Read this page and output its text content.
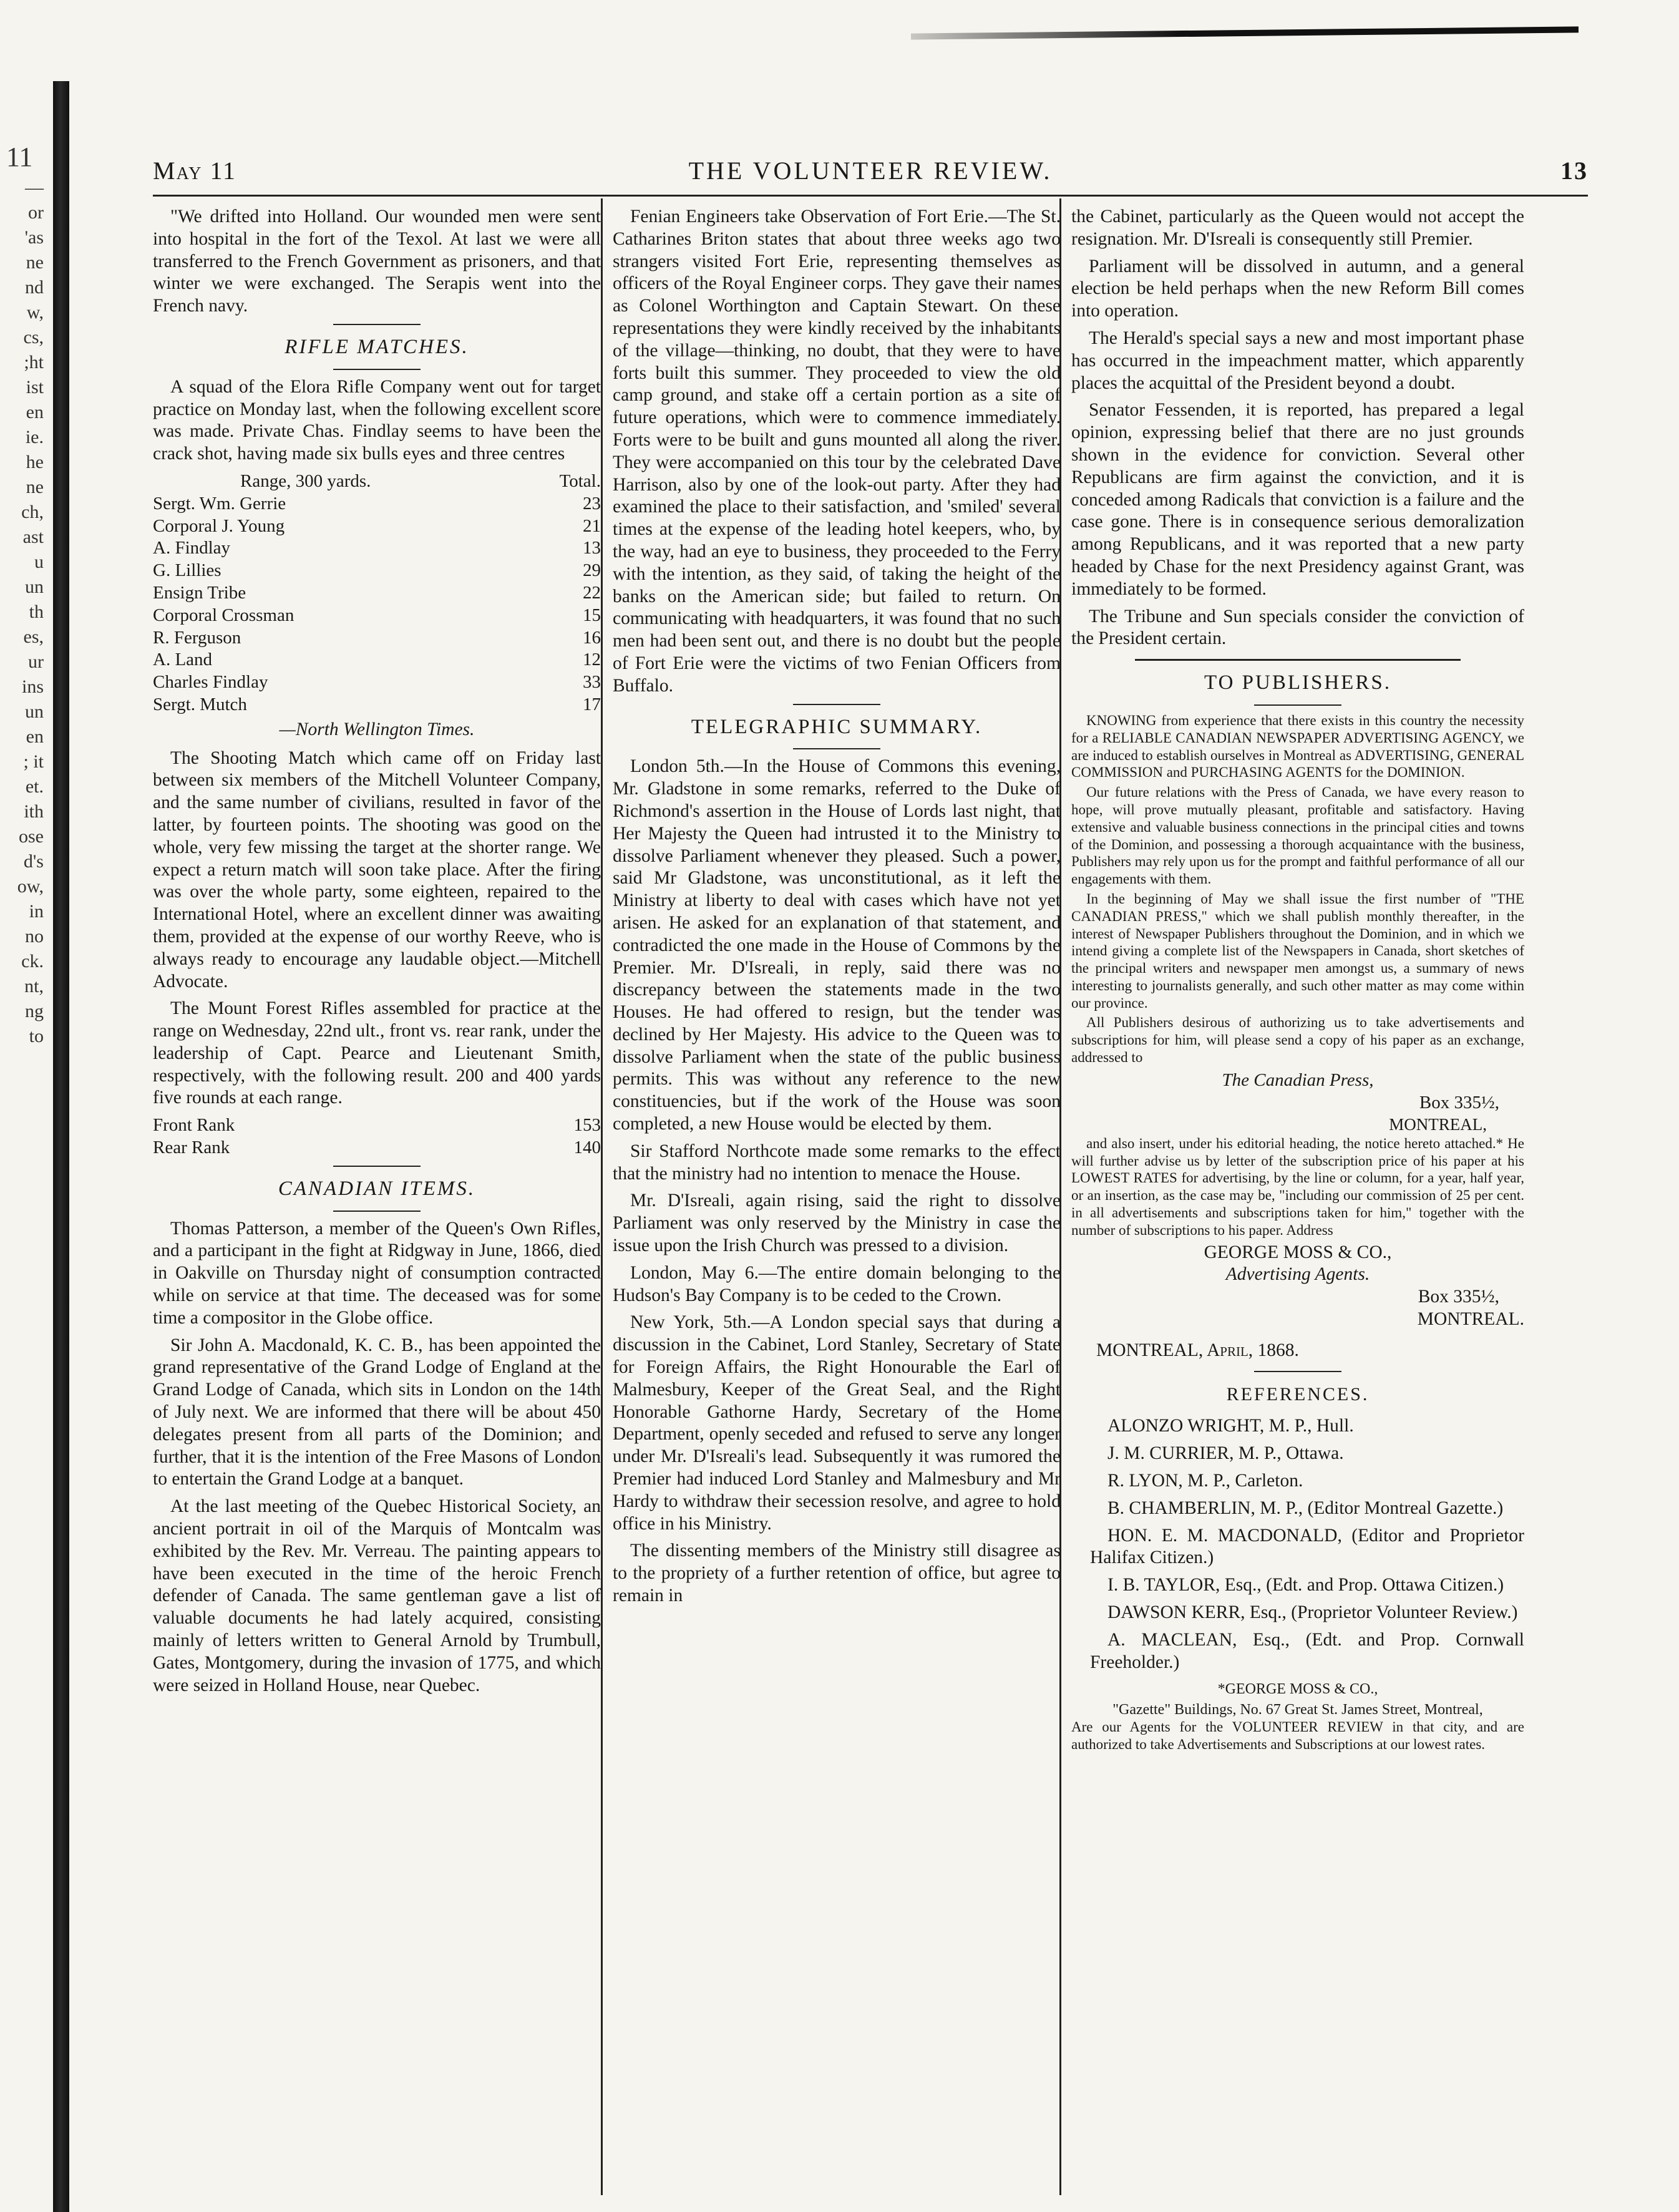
11
—
or
'as
ne
nd
w,
cs,
;ht
ist
en
ie.
he
ne
ch,
ast
u
un
th
es,
ur
ins
un
en
; it
et.
ith
ose
d's
ow,
in
no
ck.
nt,
ng
to
May 11	THE VOLUNTEER REVIEW.	13

"We drifted into Holland. Our wounded men were sent into hospital in the fort of the Texol. At last we were all transferred to the French Government as prisoners, and that winter we were exchanged. The Serapis went into the French navy.

RIFLE MATCHES.

A squad of the Elora Rifle Company went out for target practice on Monday last, when the following excellent score was made. Private Chas. Findlay seems to have been the crack shot, having made six bulls eyes and three centres

Range, 300 yards.	Total.
Sergt. Wm. Gerrie	23
Corporal J. Young	21
A. Findlay	13
G. Lillies	29
Ensign Tribe	22
Corporal Crossman	15
R. Ferguson	16
A. Land	12
Charles Findlay	33
Sergt. Mutch	17
—North Wellington Times.

The Shooting Match which came off on Friday last between six members of the Mitchell Volunteer Company, and the same number of civilians, resulted in favor of the latter, by fourteen points. The shooting was good on the whole, very few missing the target at the shorter range. We expect a return match will soon take place. After the firing was over the whole party, some eighteen, repaired to the International Hotel, where an excellent dinner was awaiting them, provided at the expense of our worthy Reeve, who is always ready to encourage any laudable object.—Mitchell Advocate.

The Mount Forest Rifles assembled for practice at the range on Wednesday, 22nd ult., front vs. rear rank, under the leadership of Capt. Pearce and Lieutenant Smith, respectively, with the following result. 200 and 400 yards five rounds at each range.

Front Rank	153
Rear Rank	140
CANADIAN ITEMS.

Thomas Patterson, a member of the Queen's Own Rifles, and a participant in the fight at Ridgway in June, 1866, died in Oakville on Thursday night of consumption contracted while on service at that time. The deceased was for some time a compositor in the Globe office.

Sir John A. Macdonald, K. C. B., has been appointed the grand representative of the Grand Lodge of England at the Grand Lodge of Canada, which sits in London on the 14th of July next. We are informed that there will be about 450 delegates present from all parts of the Dominion; and further, that it is the intention of the Free Masons of London to entertain the Grand Lodge at a banquet.

At the last meeting of the Quebec Historical Society, an ancient portrait in oil of the Marquis of Montcalm was exhibited by the Rev. Mr. Verreau. The painting appears to have been executed in the time of the heroic French defender of Canada. The same gentleman gave a list of valuable documents he had lately acquired, consisting mainly of letters written to General Arnold by Trumbull, Gates, Montgomery, during the invasion of 1775, and which were seized in Holland House, near Quebec.

Fenian Engineers take Observation of Fort Erie.—The St. Catharines Briton states that about three weeks ago two strangers visited Fort Erie, representing themselves as officers of the Royal Engineer corps. They gave their names as Colonel Worthington and Captain Stewart. On these representations they were kindly received by the inhabitants of the village—thinking, no doubt, that they were to have forts built this summer. They proceeded to view the old camp ground, and stake off a certain portion as a site of future operations, which were to commence immediately. Forts were to be built and guns mounted all along the river. They were accompanied on this tour by the celebrated Dave Harrison, also by one of the look-out party. After they had examined the place to their satisfaction, and 'smiled' several times at the expense of the leading hotel keepers, who, by the way, had an eye to business, they proceeded to the Ferry with the intention, as they said, of taking the height of the banks on the American side; but failed to return. On communicating with headquarters, it was found that no such men had been sent out, and there is no doubt but the people of Fort Erie were the victims of two Fenian Officers from Buffalo.

TELEGRAPHIC SUMMARY.

London 5th.—In the House of Commons this evening, Mr. Gladstone in some remarks, referred to the Duke of Richmond's assertion in the House of Lords last night, that Her Majesty the Queen had intrusted it to the Ministry to dissolve Parliament whenever they pleased. Such a power, said Mr Gladstone, was unconstitutional, as it left the Ministry at liberty to deal with cases which have not yet arisen. He asked for an explanation of that statement, and contradicted the one made in the House of Commons by the Premier. Mr. D'Isreali, in reply, said there was no discrepancy between the statements made in the two Houses. He had offered to resign, but the tender was declined by Her Majesty. His advice to the Queen was to dissolve Parliament when the state of the public business permits. This was without any reference to the new constituencies, but if the work of the House was soon completed, a new House would be elected by them.

Sir Stafford Northcote made some remarks to the effect that the ministry had no intention to menace the House.

Mr. D'Isreali, again rising, said the right to dissolve Parliament was only reserved by the Ministry in case the issue upon the Irish Church was pressed to a division.

London, May 6.—The entire domain belonging to the Hudson's Bay Company is to be ceded to the Crown.

New York, 5th.—A London special says that during a discussion in the Cabinet, Lord Stanley, Secretary of State for Foreign Affairs, the Right Honourable the Earl of Malmesbury, Keeper of the Great Seal, and the Right Honorable Gathorne Hardy, Secretary of the Home Department, openly seceded and refused to serve any longer under Mr. D'Isreali's lead. Subsequently it was rumored the Premier had induced Lord Stanley and Malmesbury and Mr Hardy to withdraw their secession resolve, and agree to hold office in his Ministry.

The dissenting members of the Ministry still disagree as to the propriety of a further retention of office, but agree to remain in

the Cabinet, particularly as the Queen would not accept the resignation. Mr. D'Isreali is consequently still Premier.

Parliament will be dissolved in autumn, and a general election be held perhaps when the new Reform Bill comes into operation.

The Herald's special says a new and most important phase has occurred in the impeachment matter, which apparently places the acquittal of the President beyond a doubt.

Senator Fessenden, it is reported, has prepared a legal opinion, expressing belief that there are no just grounds shown in the evidence for conviction. Several other Republicans are firm against the conviction, and it is conceded among Radicals that conviction is a failure and the case gone. There is in consequence serious demoralization among Republicans, and it was reported that a new party headed by Chase for the next Presidency against Grant, was immediately to be formed.

The Tribune and Sun specials consider the conviction of the President certain.

TO PUBLISHERS.

KNOWING from experience that there exists in this country the necessity for a RELIABLE CANADIAN NEWSPAPER ADVERTISING AGENCY, we are induced to establish ourselves in Montreal as ADVERTISING, GENERAL COMMISSION and PURCHASING AGENTS for the DOMINION.

Our future relations with the Press of Canada, we have every reason to hope, will prove mutually pleasant, profitable and satisfactory. Having extensive and valuable business connections in the principal cities and towns of the Dominion, and possessing a thorough acquaintance with the business, Publishers may rely upon us for the prompt and faithful performance of all our engagements with them.

In the beginning of May we shall issue the first number of "THE CANADIAN PRESS," which we shall publish monthly thereafter, in the interest of Newspaper Publishers throughout the Dominion, and in which we intend giving a complete list of the Newspapers in Canada, short sketches of the principal writers and newspaper men amongst us, a summary of news interesting to journalists generally, and such other matter as may come within our province.

All Publishers desirous of authorizing us to take advertisements and subscriptions for him, will please send a copy of his paper as an exchange, addressed to

The Canadian Press,
Box 335½,
MONTREAL,

and also insert, under his editorial heading, the notice hereto attached.* He will further advise us by letter of the subscription price of his paper at his LOWEST RATES for advertising, by the line or column, for a year, half year, or an insertion, as the case may be, "including our commission of 25 per cent. in all advertisements and subscriptions taken for him," together with the number of subscriptions to his paper. Address

GEORGE MOSS & CO.,
Advertising Agents.
Box 335½,
MONTREAL.
MONTREAL, April, 1868.
REFERENCES.

ALONZO WRIGHT, M. P., Hull.

J. M. CURRIER, M. P., Ottawa.

R. LYON, M. P., Carleton.

B. CHAMBERLIN, M. P., (Editor Montreal Gazette.)

HON. E. M. MACDONALD, (Editor and Proprietor Halifax Citizen.)

I. B. TAYLOR, Esq., (Edt. and Prop. Ottawa Citizen.)

DAWSON KERR, Esq., (Proprietor Volunteer Review.)

A. MACLEAN, Esq., (Edt. and Prop. Cornwall Freeholder.)

*GEORGE MOSS & CO.,
"Gazette" Buildings, No. 67 Great St. James Street, Montreal,
Are our Agents for the VOLUNTEER REVIEW in that city, and are authorized to take Advertisements and Subscriptions at our lowest rates.
